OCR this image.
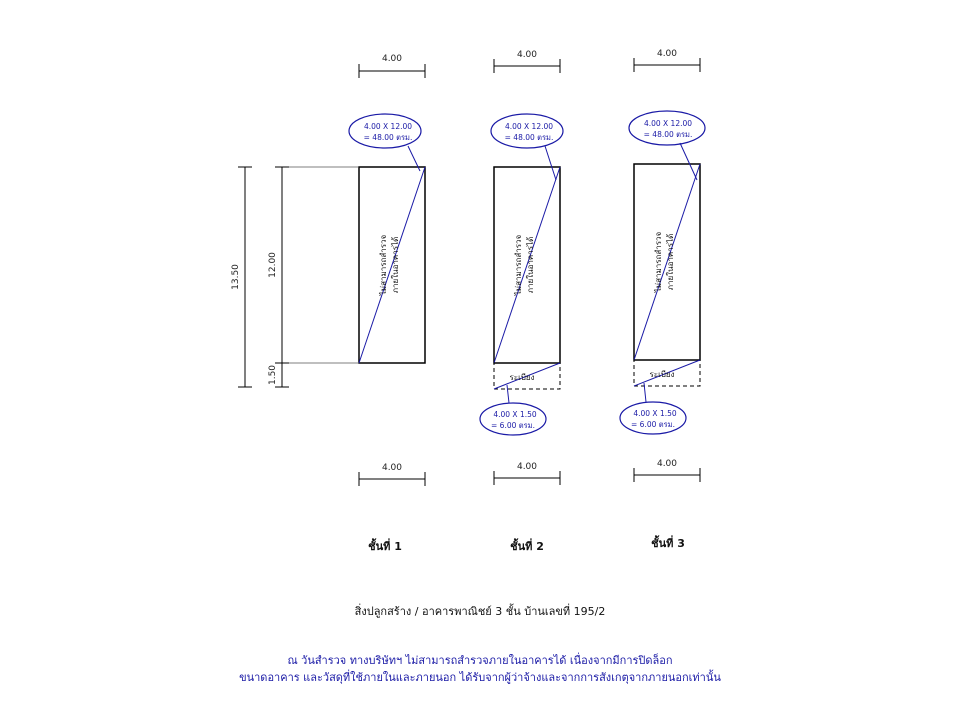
13.50	12.00
1.50
4.00
ไม่สามารถสำรวจ ภายในอาคารได้
4.00 X 12.00
= 48.00 ตรม.
4.00
4.00
ไม่สามารถสำรวจ ภายในอาคารได้
ระเบียง
4.00 X 12.00
= 48.00 ตรม.
4.00 X 1.50
= 6.00 ตรม.
4.00
4.00
ไม่สามารถสำรวจ ภายในอาคารได้
ระเบียง
4.00 X 12.00
= 48.00 ตรม.
4.00 X 1.50
= 6.00 ตรม.
4.00
ชั้นที่ 1	ชั้นที่ 2	ชั้นที่ 3
สิ่งปลูกสร้าง / อาคารพาณิชย์ 3 ชั้น บ้านเลขที่ 195/2
ณ วันสำรวจ ทางบริษัทฯ ไม่สามารถสำรวจภายในอาคารได้ เนื่องจากมีการปิดล็อก
ขนาดอาคาร และวัสดุที่ใช้ภายในและภายนอก ได้รับจากผู้ว่าจ้างและจากการสังเกตุจากภายนอกเท่านั้น
